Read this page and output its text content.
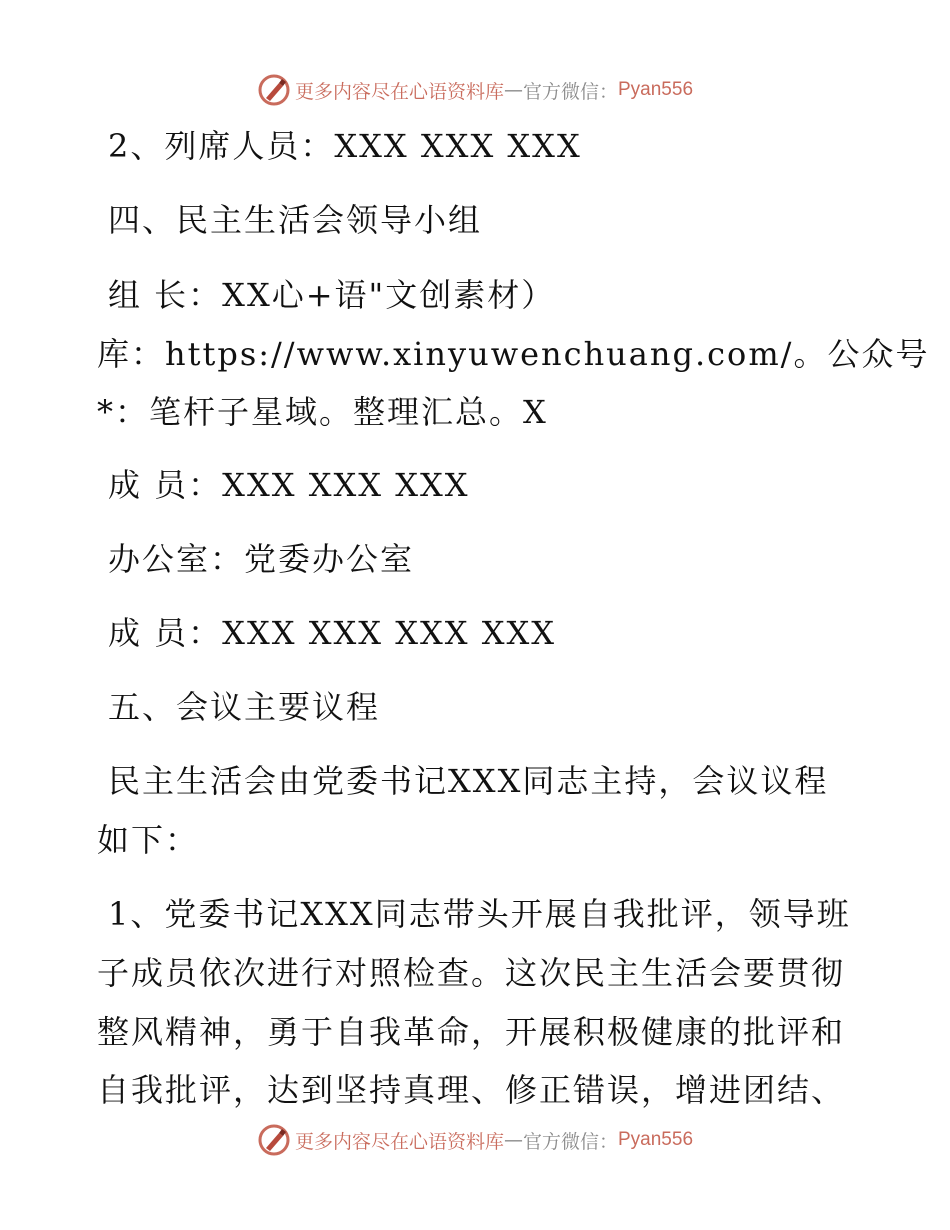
更多内容尽在心语资料库 — 官方微信： Pyan556
2、列席人员：XXX XXX XXX
四、民主生活会领导小组
组 长：XX心+语"文创素材）
库：https://www.xinyuwenchuang.com/。公众号
*：笔杆子星域。整理汇总。X
成 员：XXX XXX XXX
办公室：党委办公室
成 员：XXX XXX XXX XXX
五、会议主要议程
民主生活会由党委书记XXX同志主持，会议议程
如下：
1、党委书记XXX同志带头开展自我批评，领导班
子成员依次进行对照检查。这次民主生活会要贯彻
整风精神，勇于自我革命，开展积极健康的批评和
自我批评，达到坚持真理、修正错误，增进团结、
更多内容尽在心语资料库 — 官方微信： Pyan556
